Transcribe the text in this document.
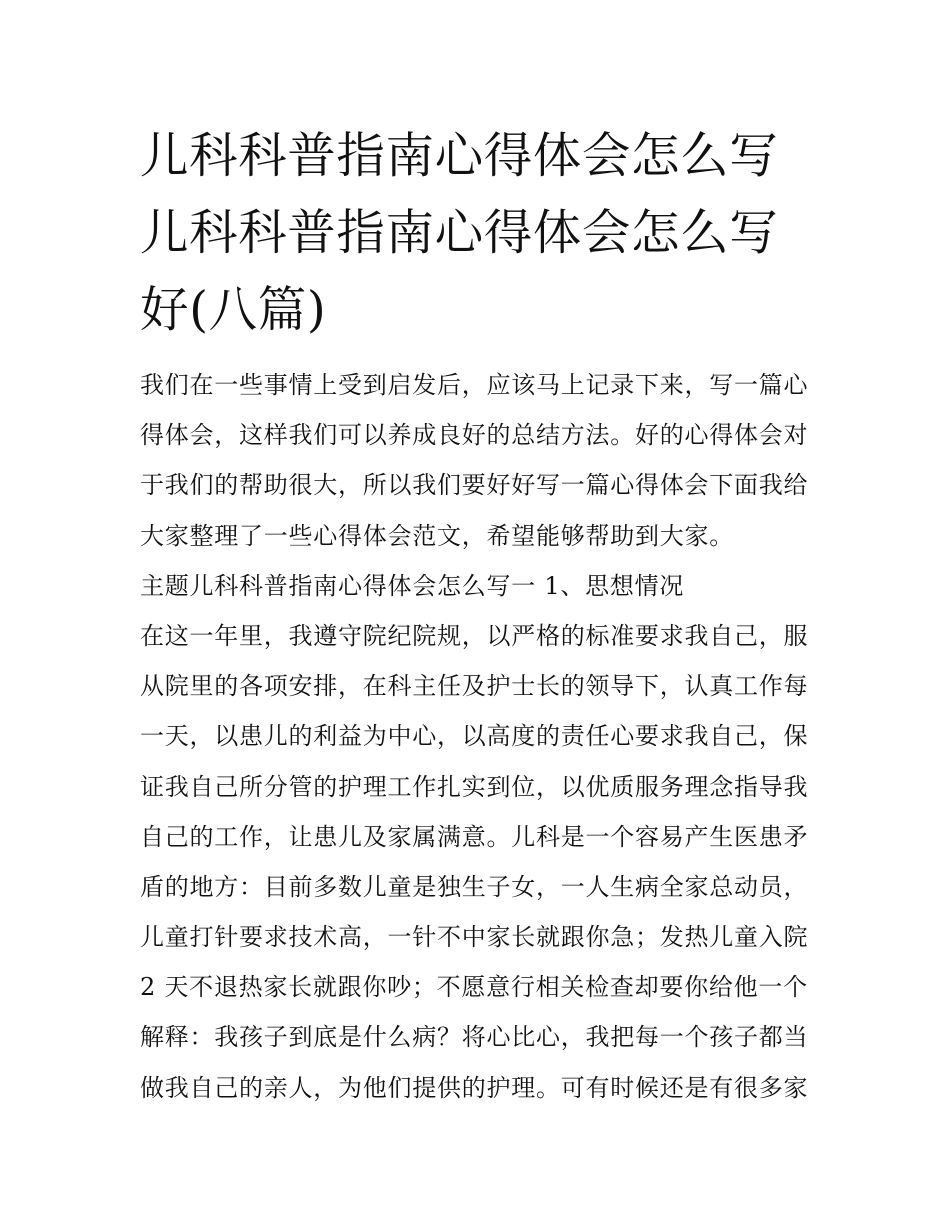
儿科科普指南心得体会怎么写
儿科科普指南心得体会怎么写
好(八篇)
我们在一些事情上受到启发后，应该马上记录下来，写一篇心
得体会，这样我们可以养成良好的总结方法。好的心得体会对
于我们的帮助很大，所以我们要好好写一篇心得体会下面我给
大家整理了一些心得体会范文，希望能够帮助到大家。
主题儿科科普指南心得体会怎么写一 1、思想情况
在这一年里，我遵守院纪院规，以严格的标准要求我自己，服
从院里的各项安排，在科主任及护士长的领导下，认真工作每
一天，以患儿的利益为中心，以高度的责任心要求我自己，保
证我自己所分管的护理工作扎实到位，以优质服务理念指导我
自己的工作，让患儿及家属满意。儿科是一个容易产生医患矛
盾的地方：目前多数儿童是独生子女，一人生病全家总动员，
儿童打针要求技术高，一针不中家长就跟你急；发热儿童入院
2 天不退热家长就跟你吵；不愿意行相关检查却要你给他一个
解释：我孩子到底是什么病？将心比心，我把每一个孩子都当
做我自己的亲人，为他们提供的护理。可有时候还是有很多家
